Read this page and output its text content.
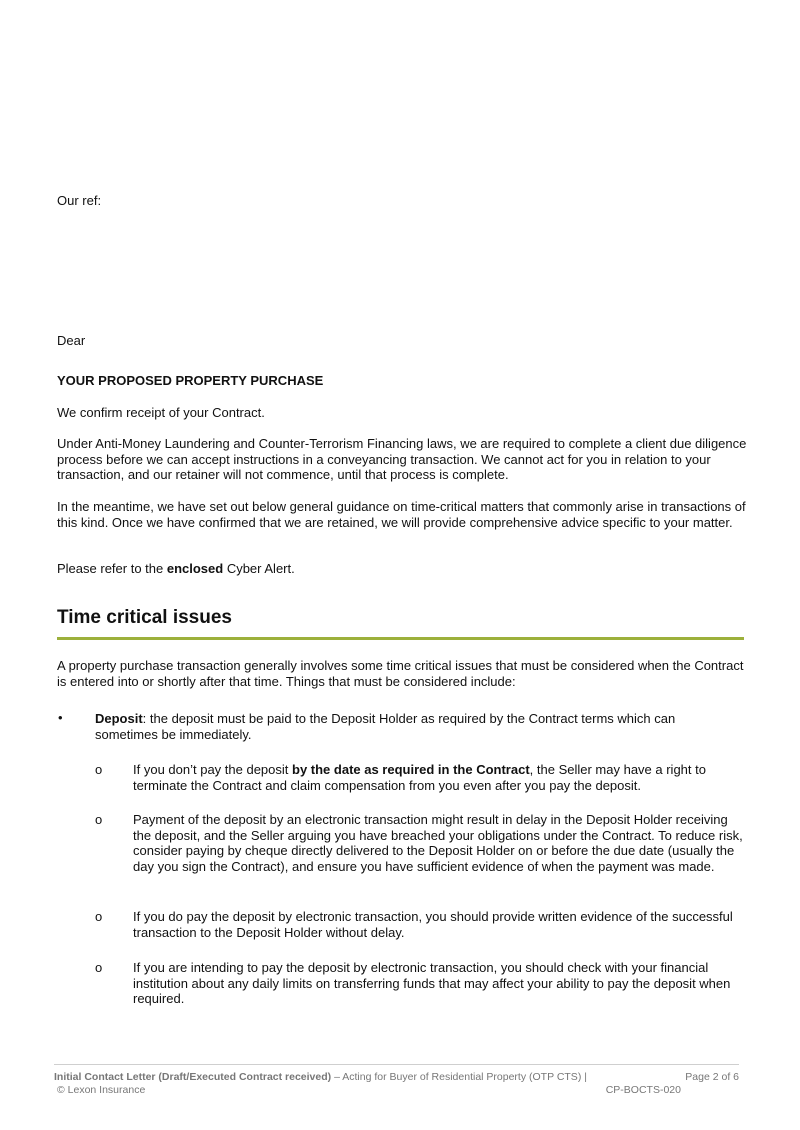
Our ref:
Dear
YOUR PROPOSED PROPERTY PURCHASE
We confirm receipt of your Contract.
Under Anti-Money Laundering and Counter-Terrorism Financing laws, we are required to complete a client due diligence process before we can accept instructions in a conveyancing transaction. We cannot act for you in relation to your transaction, and our retainer will not commence, until that process is complete.
In the meantime, we have set out below general guidance on time-critical matters that commonly arise in transactions of this kind. Once we have confirmed that we are retained, we will provide comprehensive advice specific to your matter.
Please refer to the enclosed Cyber Alert.
Time critical issues
A property purchase transaction generally involves some time critical issues that must be considered when the Contract is entered into or shortly after that time. Things that must be considered include:
• Deposit: the deposit must be paid to the Deposit Holder as required by the Contract terms which can sometimes be immediately.
o If you don’t pay the deposit by the date as required in the Contract, the Seller may have a right to terminate the Contract and claim compensation from you even after you pay the deposit.
o Payment of the deposit by an electronic transaction might result in delay in the Deposit Holder receiving the deposit, and the Seller arguing you have breached your obligations under the Contract. To reduce risk, consider paying by cheque directly delivered to the Deposit Holder on or before the due date (usually the day you sign the Contract), and ensure you have sufficient evidence of when the payment was made.
o If you do pay the deposit by electronic transaction, you should provide written evidence of the successful transaction to the Deposit Holder without delay.
o If you are intending to pay the deposit by electronic transaction, you should check with your financial institution about any daily limits on transferring funds that may affect your ability to pay the deposit when required.
Initial Contact Letter (Draft/Executed Contract received) – Acting for Buyer of Residential Property (OTP CTS) |	Page 2 of 6
© Lexon Insurance	CP-BOCTS-020
